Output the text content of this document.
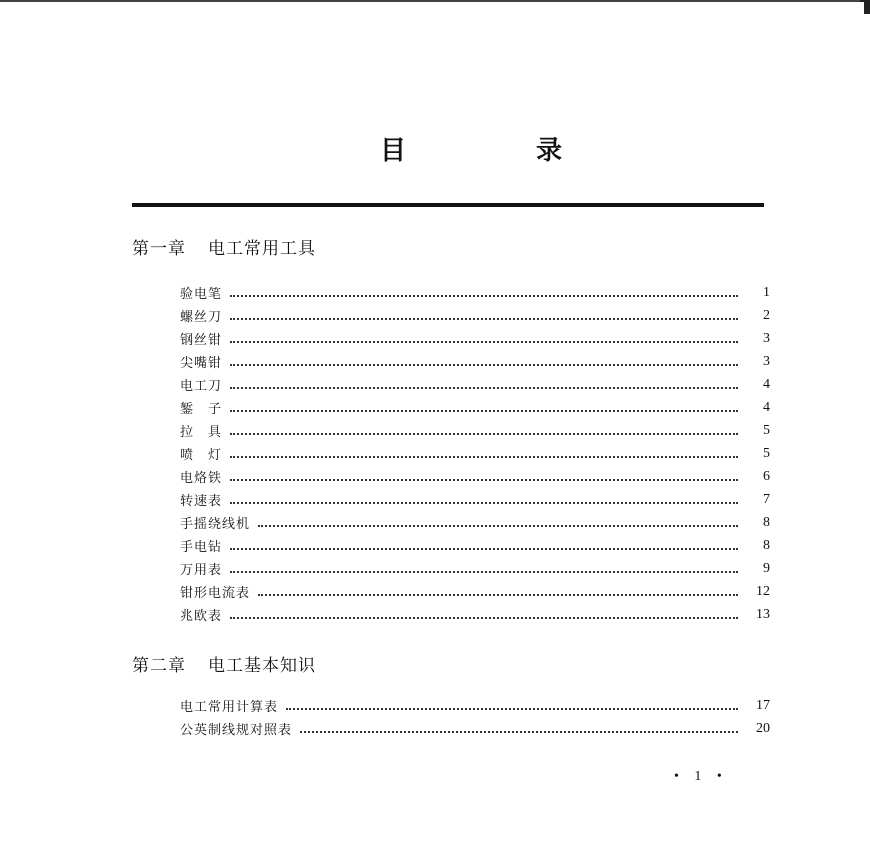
目　录
第一章 电工常用工具
验电笔	1
螺丝刀	2
钢丝钳	3
尖嘴钳	3
电工刀	4
錾　子	4
拉　具	5
喷　灯	5
电烙铁	6
转速表	7
手摇绕线机	8
手电钻	8
万用表	9
钳形电流表	12
兆欧表	13
第二章 电工基本知识
电工常用计算表	17
公英制线规对照表	20
• 1 •
